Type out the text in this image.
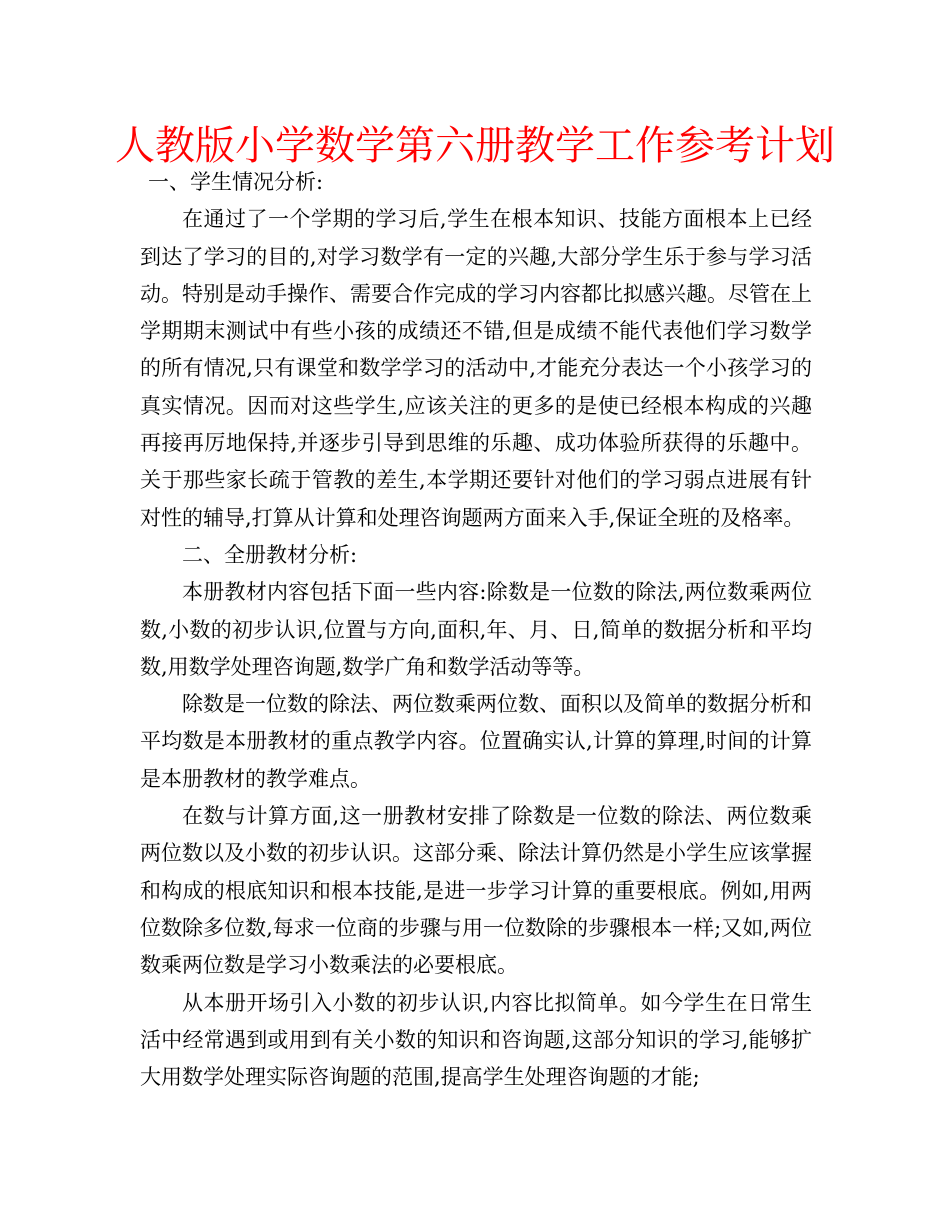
人教版小学数学第六册教学工作参考计划

一、学生情况分析:

在通过了一个学期的学习后,学生在根本知识、技能方面根本上已经到达了学习的目的,对学习数学有一定的兴趣,大部分学生乐于参与学习活动。特别是动手操作、需要合作完成的学习内容都比拟感兴趣。尽管在上学期期末测试中有些小孩的成绩还不错,但是成绩不能代表他们学习数学的所有情况,只有课堂和数学学习的活动中,才能充分表达一个小孩学习的真实情况。因而对这些学生,应该关注的更多的是使已经根本构成的兴趣再接再厉地保持,并逐步引导到思维的乐趣、成功体验所获得的乐趣中。关于那些家长疏于管教的差生,本学期还要针对他们的学习弱点进展有针对性的辅导,打算从计算和处理咨询题两方面来入手,保证全班的及格率。

二、全册教材分析:

本册教材内容包括下面一些内容:除数是一位数的除法,两位数乘两位数,小数的初步认识,位置与方向,面积,年、月、日,简单的数据分析和平均数,用数学处理咨询题,数学广角和数学活动等等。

除数是一位数的除法、两位数乘两位数、面积以及简单的数据分析和平均数是本册教材的重点教学内容。位置确实认,计算的算理,时间的计算是本册教材的教学难点。

在数与计算方面,这一册教材安排了除数是一位数的除法、两位数乘两位数以及小数的初步认识。这部分乘、除法计算仍然是小学生应该掌握和构成的根底知识和根本技能,是进一步学习计算的重要根底。例如,用两位数除多位数,每求一位商的步骤与用一位数除的步骤根本一样;又如,两位数乘两位数是学习小数乘法的必要根底。

从本册开场引入小数的初步认识,内容比拟简单。如今学生在日常生活中经常遇到或用到有关小数的知识和咨询题,这部分知识的学习,能够扩大用数学处理实际咨询题的范围,提高学生处理咨询题的才能;
